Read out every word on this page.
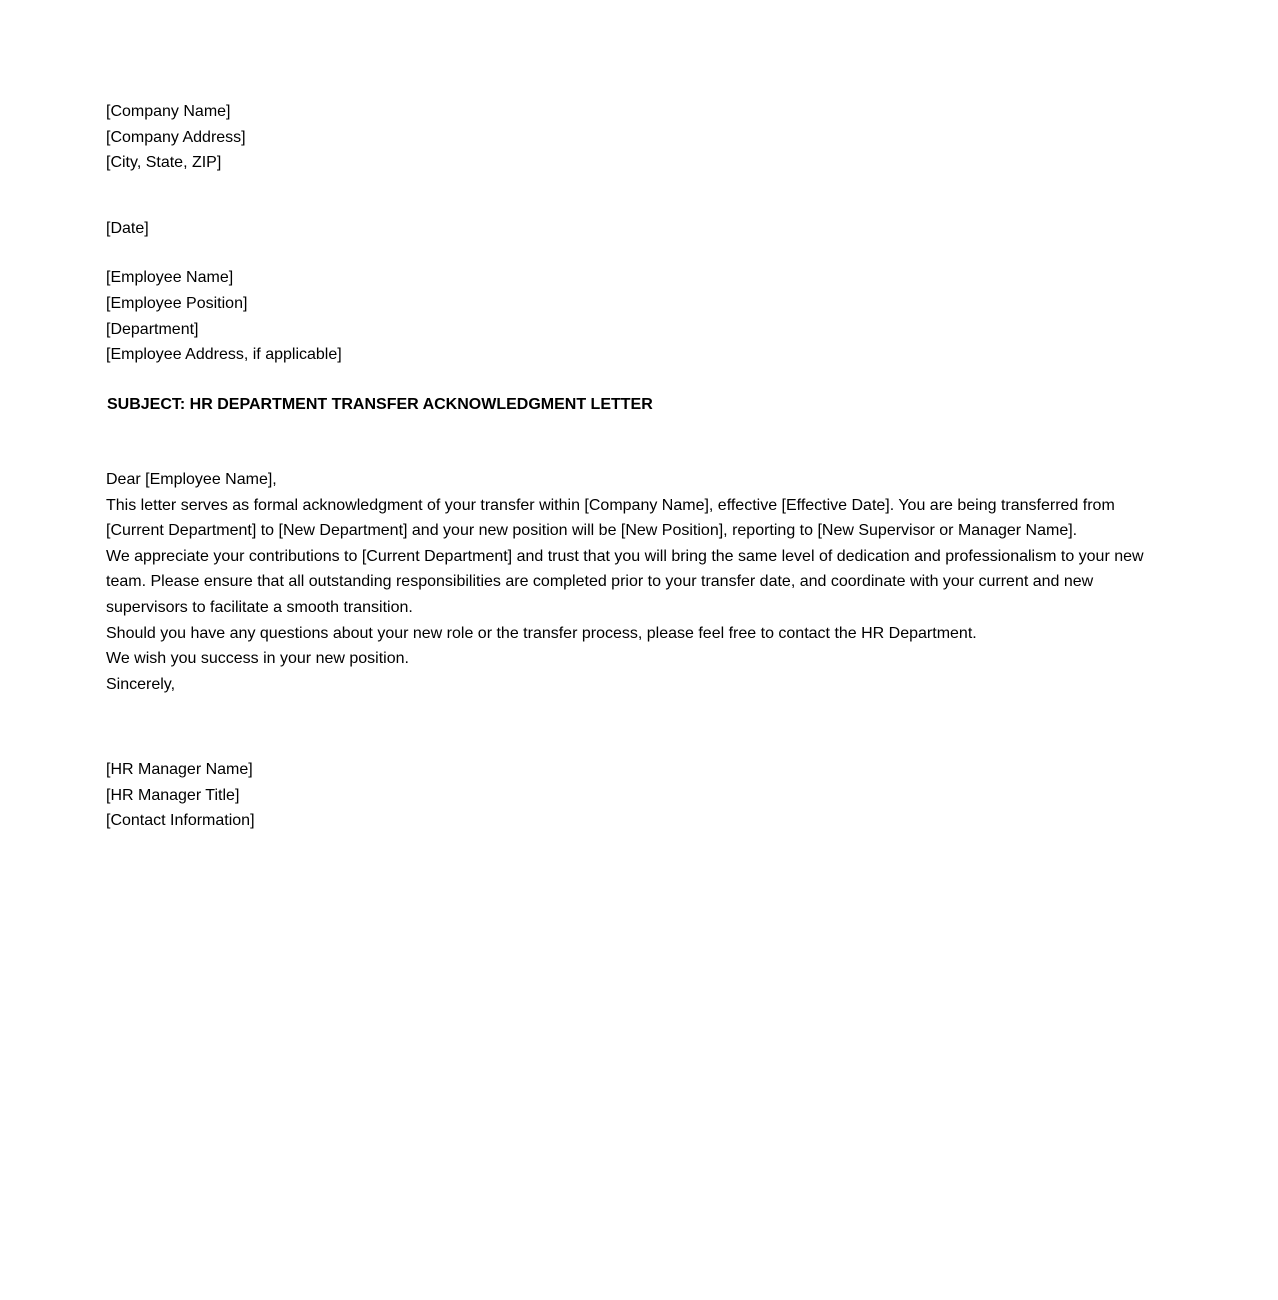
[Company Name]
[Company Address]
[City, State, ZIP]
[Date]
[Employee Name]
[Employee Position]
[Department]
[Employee Address, if applicable]
SUBJECT: HR DEPARTMENT TRANSFER ACKNOWLEDGMENT LETTER
Dear [Employee Name],
This letter serves as formal acknowledgment of your transfer within [Company Name], effective [Effective Date]. You are being transferred from
[Current Department] to [New Department] and your new position will be [New Position], reporting to [New Supervisor or Manager Name].
We appreciate your contributions to [Current Department] and trust that you will bring the same level of dedication and professionalism to your new
team. Please ensure that all outstanding responsibilities are completed prior to your transfer date, and coordinate with your current and new
supervisors to facilitate a smooth transition.
Should you have any questions about your new role or the transfer process, please feel free to contact the HR Department.
We wish you success in your new position.
Sincerely,
[HR Manager Name]
[HR Manager Title]
[Contact Information]
